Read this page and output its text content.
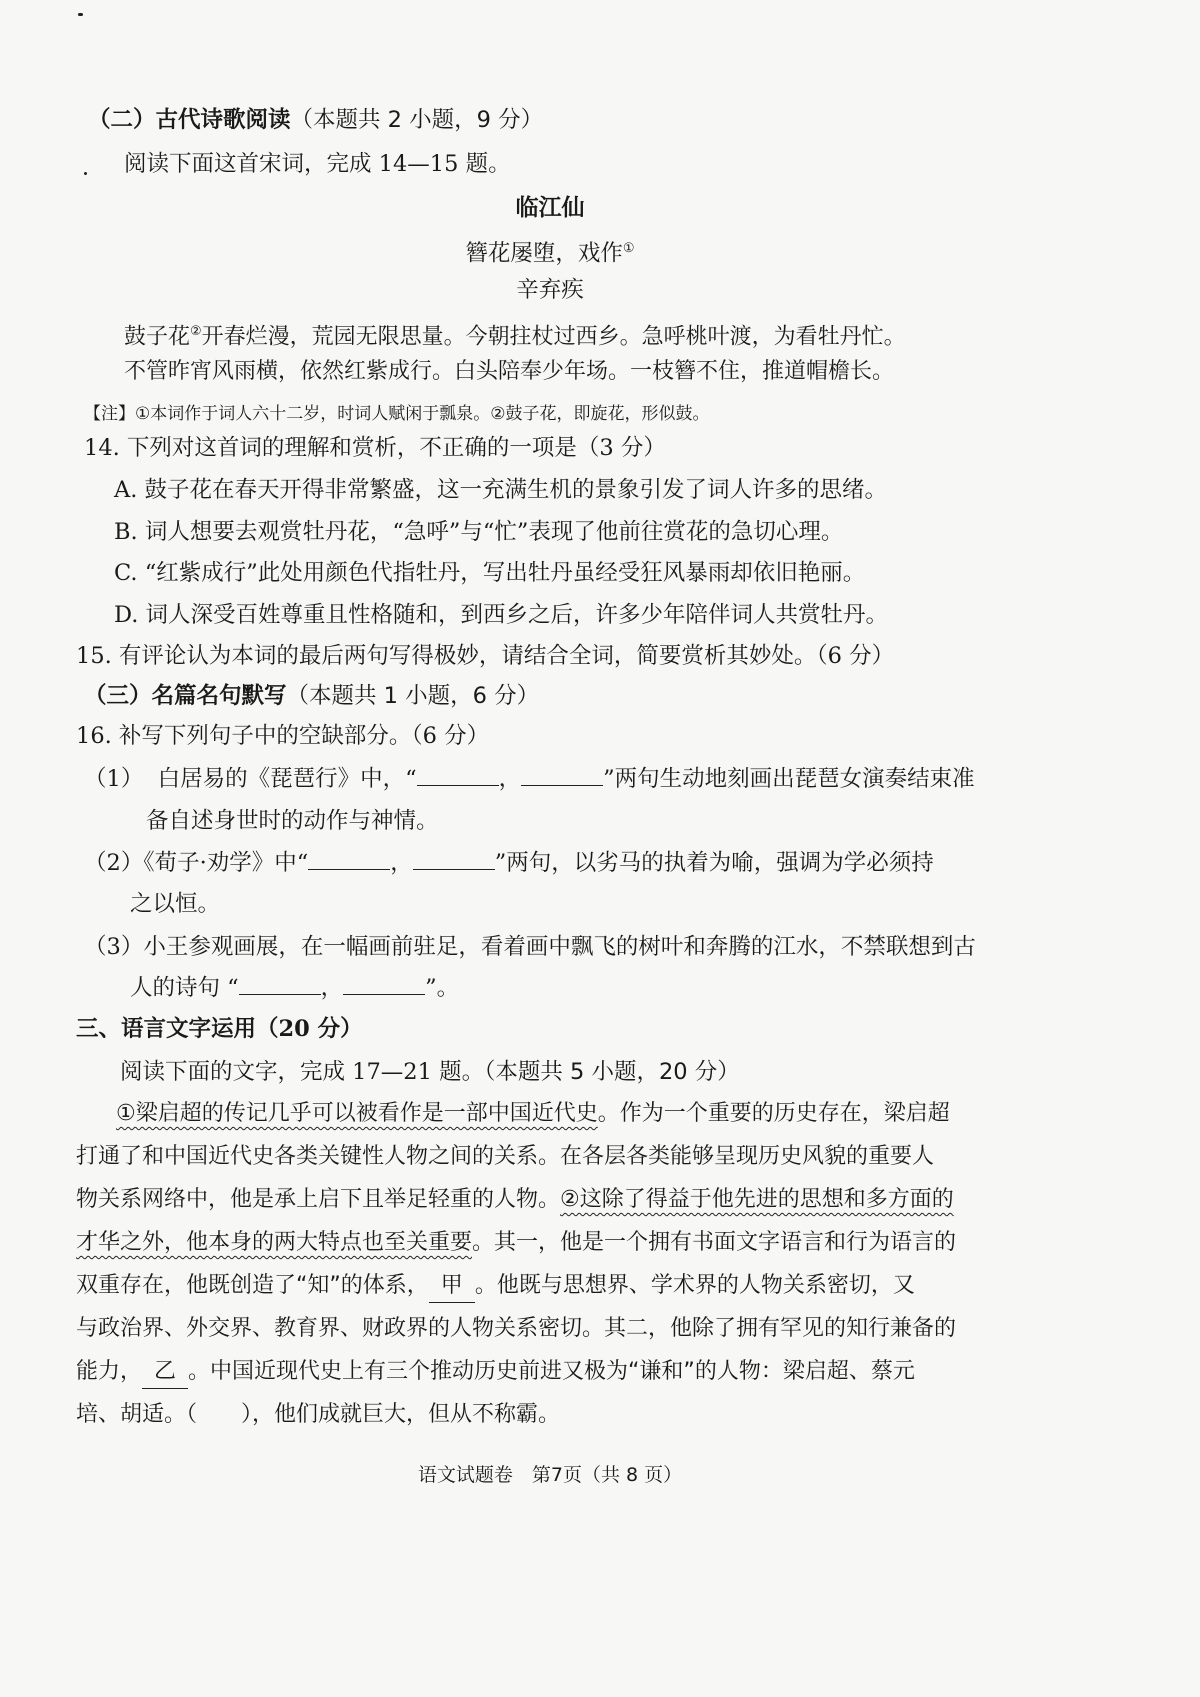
（二）古代诗歌阅读（本题共 2 小题，9 分）
阅读下面这首宋词，完成 14—15 题。
临江仙
簪花屡堕，戏作①
辛弃疾
鼓子花②开春烂漫，荒园无限思量。今朝拄杖过西乡。急呼桃叶渡，为看牡丹忙。
不管昨宵风雨横，依然红紫成行。白头陪奉少年场。一枝簪不住，推道帽檐长。
【注】①本词作于词人六十二岁，时词人赋闲于瓢泉。②鼓子花，即旋花，形似鼓。
14. 下列对这首词的理解和赏析，不正确的一项是（3 分）
A. 鼓子花在春天开得非常繁盛，这一充满生机的景象引发了词人许多的思绪。
B. 词人想要去观赏牡丹花，“急呼”与“忙”表现了他前往赏花的急切心理。
C. “红紫成行”此处用颜色代指牡丹，写出牡丹虽经受狂风暴雨却依旧艳丽。
D. 词人深受百姓尊重且性格随和，到西乡之后，许多少年陪伴词人共赏牡丹。
15. 有评论认为本词的最后两句写得极妙，请结合全词，简要赏析其妙处。（6 分）
（三）名篇名句默写（本题共 1 小题，6 分）
16. 补写下列句子中的空缺部分。（6 分）
（1） 白居易的《琵琶行》中，“	，	”两句生动地刻画出琵琶女演奏结束准
备自述身世时的动作与神情。
（2）《荀子·劝学》中“	，	”两句，以劣马的执着为喻，强调为学必须持
之以恒。
（3）小王参观画展，在一幅画前驻足，看着画中飘飞的树叶和奔腾的江水，不禁联想到古
人的诗句 “	，	”。
三、语言文字运用（20 分）
阅读下面的文字，完成 17—21 题。（本题共 5 小题，20 分）
①梁启超的传记几乎可以被看作是一部中国近代史。作为一个重要的历史存在，梁启超
打通了和中国近代史各类关键性人物之间的关系。在各层各类能够呈现历史风貌的重要人
物关系网络中，他是承上启下且举足轻重的人物。②这除了得益于他先进的思想和多方面的
才华之外，他本身的两大特点也至关重要。其一，他是一个拥有书面文字语言和行为语言的
双重存在，他既创造了“知”的体系， 甲 。他既与思想界、学术界的人物关系密切，又
与政治界、外交界、教育界、财政界的人物关系密切。其二，他除了拥有罕见的知行兼备的
能力， 乙 。中国近现代史上有三个推动历史前进又极为“谦和”的人物：梁启超、蔡元
培、胡适。（　　），他们成就巨大，但从不称霸。
语文试题卷　第7页（共 8 页）
